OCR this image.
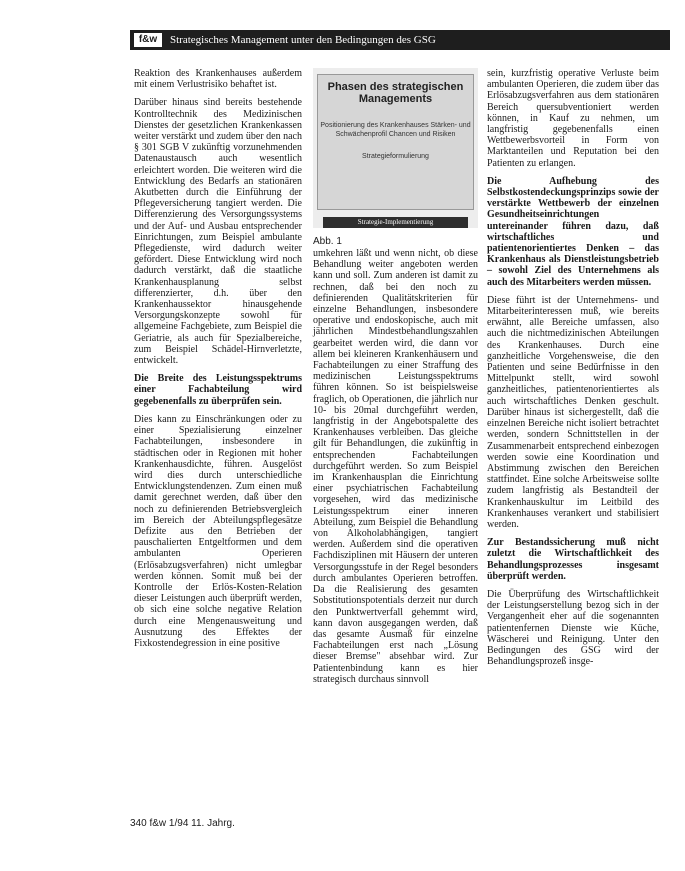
f&w	Strategisches Management unter den Bedingungen des GSG

Reaktion des Krankenhauses außerdem mit einem Verlustrisiko behaftet ist.

Darüber hinaus sind bereits bestehende Kontrolltechnik des Medizinischen Dienstes der gesetzlichen Krankenkassen weiter verstärkt und zudem über den nach § 301 SGB V zukünftig vorzunehmenden Datenaustausch auch wesentlich erleichtert worden. Die weiteren wird die Entwicklung des Bedarfs an stationären Akutbetten durch die Einführung der Pflegeversicherung tangiert werden. Die Differenzierung des Versorgungssystems und der Auf- und Ausbau entsprechender Einrichtungen, zum Beispiel ambulante Pflegedienste, wird dadurch weiter gefördert. Diese Entwicklung wird noch dadurch verstärkt, daß die staatliche Krankenhausplanung selbst differenzierter, d.h. über den Krankenhaussektor hinausgehende Versorgungskonzepte sowohl für allgemeine Fachgebiete, zum Beispiel die Geriatrie, als auch für Spezialbereiche, zum Beispiel Schädel-Hirnverletzte, entwickelt.

Die Breite des Leistungsspektrums einer Fachabteilung wird gegebenenfalls zu überprüfen sein.

Dies kann zu Einschränkungen oder zu einer Spezialisierung einzelner Fachabteilungen, insbesondere in städtischen oder in Regionen mit hoher Krankenhausdichte, führen. Ausgelöst wird dies durch unterschiedliche Entwicklungstendenzen. Zum einen muß damit gerechnet werden, daß über den noch zu definierenden Betriebsvergleich im Bereich der Abteilungspflegesätze Defizite aus den Betrieben der pauschalierten Entgeltformen und dem ambulanten Operieren (Erlösabzugsverfahren) nicht umlegbar werden können. Somit muß bei der Kontrolle der Erlös-Kosten-Relation dieser Leistungen auch überprüft werden, ob sich eine solche negative Relation durch eine Mengenausweitung und Ausnutzung des Effektes der Fixkostendegression in eine positive

Phasen des strategischen Managements
Positionierung des Krankenhauses Stärken- und Schwächenprofil Chancen und Risiken
Strategieformulierung
Strategie-Implementierung
Abb. 1

umkehren läßt und wenn nicht, ob diese Behandlung weiter angeboten werden kann und soll. Zum anderen ist damit zu rechnen, daß bei den noch zu definierenden Qualitätskriterien für einzelne Behandlungen, insbesondere operative und endoskopische, auch mit jährlichen Mindestbehandlungszahlen gearbeitet werden wird, die dann vor allem bei kleineren Krankenhäusern und Fachabteilungen zu einer Straffung des medizinischen Leistungsspektrums führen können. So ist beispielsweise fraglich, ob Operationen, die jährlich nur 10- bis 20mal durchgeführt werden, langfristig in der Angebotspalette des Krankenhauses verbleiben. Das gleiche gilt für Behandlungen, die zukünftig in entsprechenden Fachabteilungen durchgeführt werden. So zum Beispiel im Krankenhausplan die Einrichtung einer psychiatrischen Fachabteilung vorgesehen, wird das medizinische Leistungsspektrum einer inneren Abteilung, zum Beispiel die Behandlung von Alkoholabhängigen, tangiert werden. Außerdem sind die operativen Fachdisziplinen mit Häusern der unteren Versorgungsstufe in der Regel besonders durch ambulantes Operieren betroffen. Da die Realisierung des gesamten Sobstitutionspotentials derzeit nur durch den Punktwertverfall gehemmt wird, kann davon ausgegangen werden, daß das gesamte Ausmaß für einzelne Fachabteilungen erst nach „Lösung dieser Bremse" absehbar wird. Zur Patientenbindung kann es hier strategisch durchaus sinnvoll

sein, kurzfristig operative Verluste beim ambulanten Operieren, die zudem über das Erlösabzugsverfahren aus dem stationären Bereich quersubventioniert werden können, in Kauf zu nehmen, um langfristig gegebenenfalls einen Wettbewerbsvorteil in Form von Marktanteilen und Reputation bei den Patienten zu erlangen.

Die Aufhebung des Selbstkostendeckungsprinzips sowie der verstärkte Wettbewerb der einzelnen Gesundheitseinrichtungen untereinander führen dazu, daß wirtschaftliches und patientenorientiertes Denken – das Krankenhaus als Dienstleistungsbetrieb – sowohl Ziel des Unternehmens als auch des Mitarbeiters werden müssen.

Diese führt ist der Unternehmens- und Mitarbeiterinteressen muß, wie bereits erwähnt, alle Bereiche umfassen, also auch die nichtmedizinischen Abteilungen des Krankenhauses. Durch eine ganzheitliche Vorgehensweise, die den Patienten und seine Bedürfnisse in den Mittelpunkt stellt, wird sowohl ganzheitliches, patientenorientiertes als auch wirtschaftliches Denken geschult. Darüber hinaus ist sichergestellt, daß die einzelnen Bereiche nicht isoliert betrachtet werden, sondern Schnittstellen in der Zusammenarbeit entsprechend einbezogen werden sowie eine Koordination und Abstimmung zwischen den Bereichen stattfindet. Eine solche Arbeitsweise sollte zudem langfristig als Bestandteil der Krankenhauskultur im Leitbild des Krankenhauses verankert und stabilisiert werden.

Zur Bestandssicherung muß nicht zuletzt die Wirtschaftlichkeit des Behandlungsprozesses insgesamt überprüft werden.

Die Überprüfung des Wirtschaftlichkeit der Leistungserstellung bezog sich in der Vergangenheit eher auf die sogenannten patientenfernen Dienste wie Küche, Wäscherei und Reinigung. Unter den Bedingungen des GSG wird der Behandlungsprozeß insge-

340 f&w 1/94 11. Jahrg.
